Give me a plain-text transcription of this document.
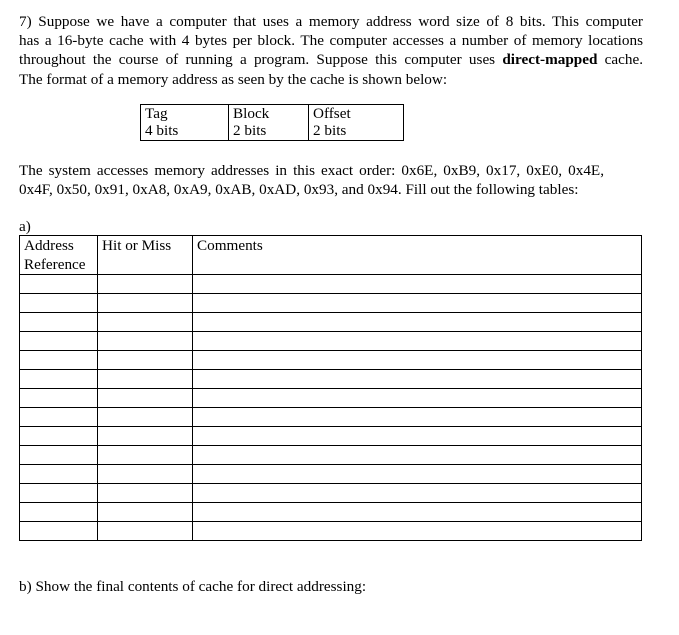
7) Suppose we have a computer that uses a memory address word size of 8 bits. This computer
has a 16-byte cache with 4 bytes per block. The computer accesses a number of memory locations
throughout the course of running a program. Suppose this computer uses direct-mapped cache.
The format of a memory address as seen by the cache is shown below:
Tag
4 bits

Block
2 bits

Offset
2 bits
The system accesses memory addresses in this exact order: 0x6E, 0xB9, 0x17, 0xE0, 0x4E,
0x4F, 0x50, 0x91, 0xA8, 0xA9, 0xAB, 0xAD, 0x93, and 0x94. Fill out the following tables:
a)
Address
Reference	Hit or Miss	Comments

b) Show the final contents of cache for direct addressing:
